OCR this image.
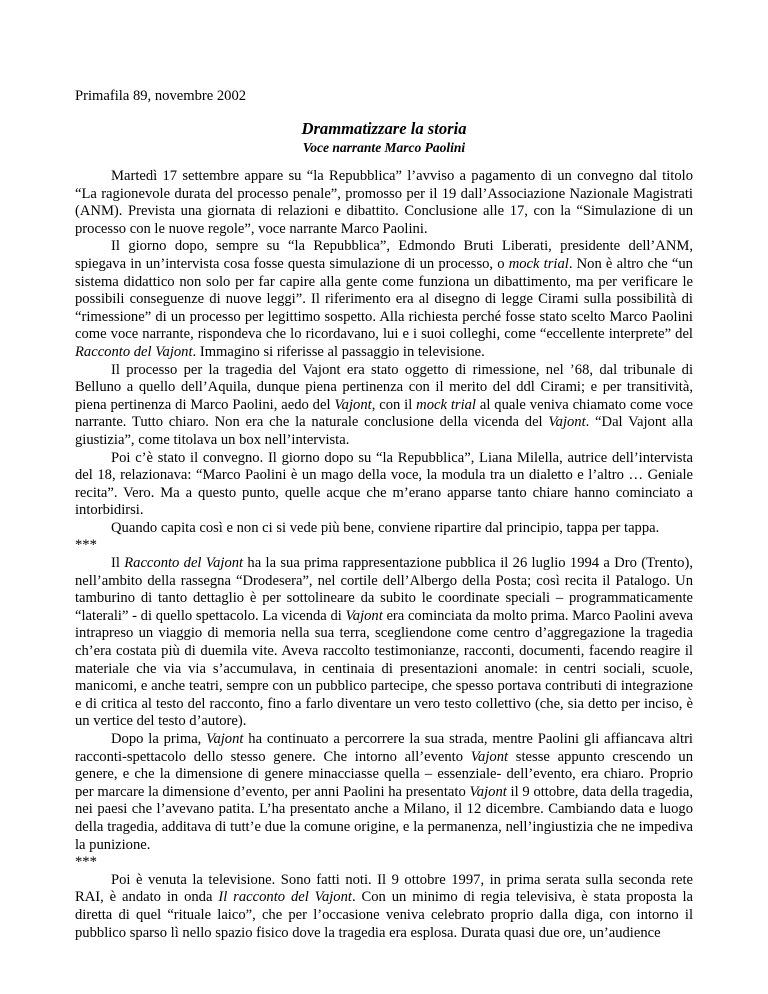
Primafila 89, novembre 2002

Drammatizzare la storia

Voce narrante Marco Paolini

Martedì 17 settembre appare su “la Repubblica” l’avviso a pagamento di un convegno dal titolo “La ragionevole durata del processo penale”, promosso per il 19 dall’Associazione Nazionale Magistrati (ANM). Prevista una giornata di relazioni e dibattito. Conclusione alle 17, con la “Simulazione di un processo con le nuove regole”, voce narrante Marco Paolini.

Il giorno dopo, sempre su “la Repubblica”, Edmondo Bruti Liberati, presidente dell’ANM, spiegava in un’intervista cosa fosse questa simulazione di un processo, o mock trial. Non è altro che “un sistema didattico non solo per far capire alla gente come funziona un dibattimento, ma per verificare le possibili conseguenze di nuove leggi”. Il riferimento era al disegno di legge Cirami sulla possibilità di “rimessione” di un processo per legittimo sospetto. Alla richiesta perché fosse stato scelto Marco Paolini come voce narrante, rispondeva che lo ricordavano, lui e i suoi colleghi, come “eccellente interprete” del Racconto del Vajont. Immagino si riferisse al passaggio in televisione.

Il processo per la tragedia del Vajont era stato oggetto di rimessione, nel ’68, dal tribunale di Belluno a quello dell’Aquila, dunque piena pertinenza con il merito del ddl Cirami; e per transitività, piena pertinenza di Marco Paolini, aedo del Vajont, con il mock trial al quale veniva chiamato come voce narrante. Tutto chiaro. Non era che la naturale conclusione della vicenda del Vajont. “Dal Vajont alla giustizia”, come titolava un box nell’intervista.

Poi c’è stato il convegno. Il giorno dopo su “la Repubblica”, Liana Milella, autrice dell’intervista del 18, relazionava: “Marco Paolini è un mago della voce, la modula tra un dialetto e l’altro … Geniale recita”. Vero. Ma a questo punto, quelle acque che m’erano apparse tanto chiare hanno cominciato a intorbidirsi.

Quando capita così e non ci si vede più bene, conviene ripartire dal principio, tappa per tappa.

***

Il Racconto del Vajont ha la sua prima rappresentazione pubblica il 26 luglio 1994 a Dro (Trento), nell’ambito della rassegna “Drodesera”, nel cortile dell’Albergo della Posta; così recita il Patalogo. Un tamburino di tanto dettaglio è per sottolineare da subito le coordinate speciali – programmaticamente “laterali” - di quello spettacolo. La vicenda di Vajont era cominciata da molto prima. Marco Paolini aveva intrapreso un viaggio di memoria nella sua terra, scegliendone come centro d’aggregazione la tragedia ch’era costata più di duemila vite. Aveva raccolto testimonianze, racconti, documenti, facendo reagire il materiale che via via s’accumulava, in centinaia di presentazioni anomale: in centri sociali, scuole, manicomi, e anche teatri, sempre con un pubblico partecipe, che spesso portava contributi di integrazione e di critica al testo del racconto, fino a farlo diventare un vero testo collettivo (che, sia detto per inciso, è un vertice del testo d’autore).

Dopo la prima, Vajont ha continuato a percorrere la sua strada, mentre Paolini gli affiancava altri racconti-spettacolo dello stesso genere. Che intorno all’evento Vajont stesse appunto crescendo un genere, e che la dimensione di genere minacciasse quella – essenziale- dell’evento, era chiaro. Proprio per marcare la dimensione d’evento, per anni Paolini ha presentato Vajont il 9 ottobre, data della tragedia, nei paesi che l’avevano patita. L’ha presentato anche a Milano, il 12 dicembre. Cambiando data e luogo della tragedia, additava di tutt’e due la comune origine, e la permanenza, nell’ingiustizia che ne impediva la punizione.

***

Poi è venuta la televisione. Sono fatti noti. Il 9 ottobre 1997, in prima serata sulla seconda rete RAI, è andato in onda Il racconto del Vajont. Con un minimo di regia televisiva, è stata proposta la diretta di quel “rituale laico”, che per l’occasione veniva celebrato proprio dalla diga, con intorno il pubblico sparso lì nello spazio fisico dove la tragedia era esplosa. Durata quasi due ore, un’audience
